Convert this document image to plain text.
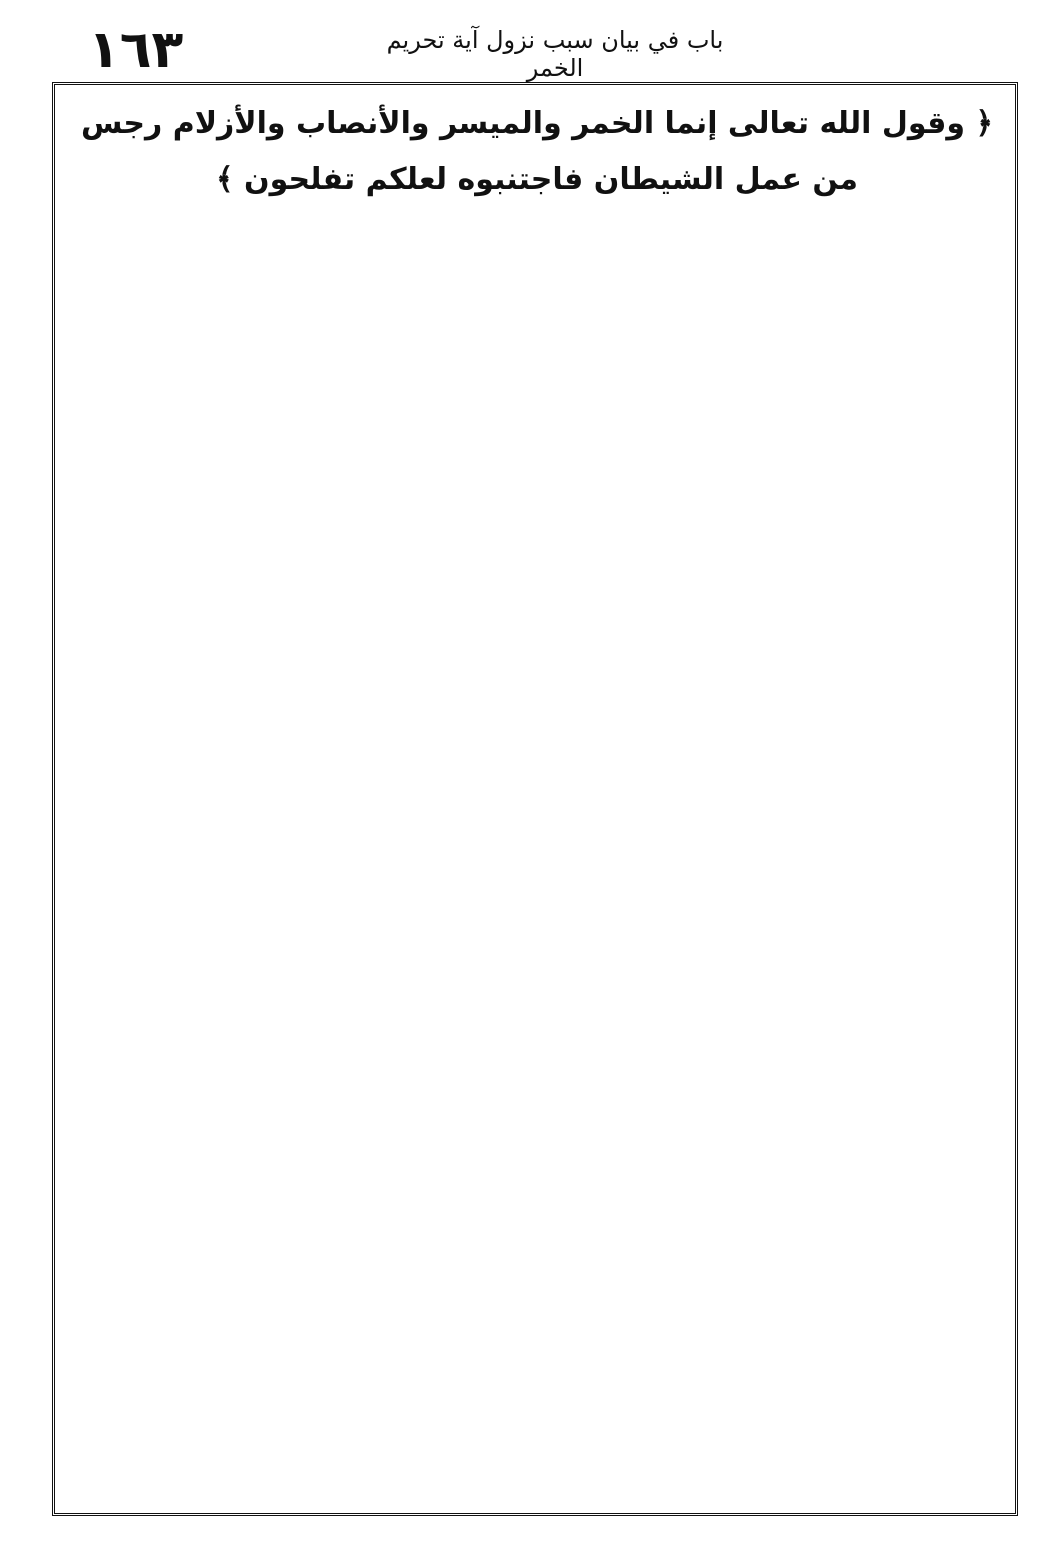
١٦٣	باب في بيان سبب نزول آية تحريم الخمر
﴿ وقول الله تعالى إنما الخمر والميسر والأنصاب والأزلام رجس
من عمل الشيطان فاجتنبوه لعلكم تفلحون ﴾
